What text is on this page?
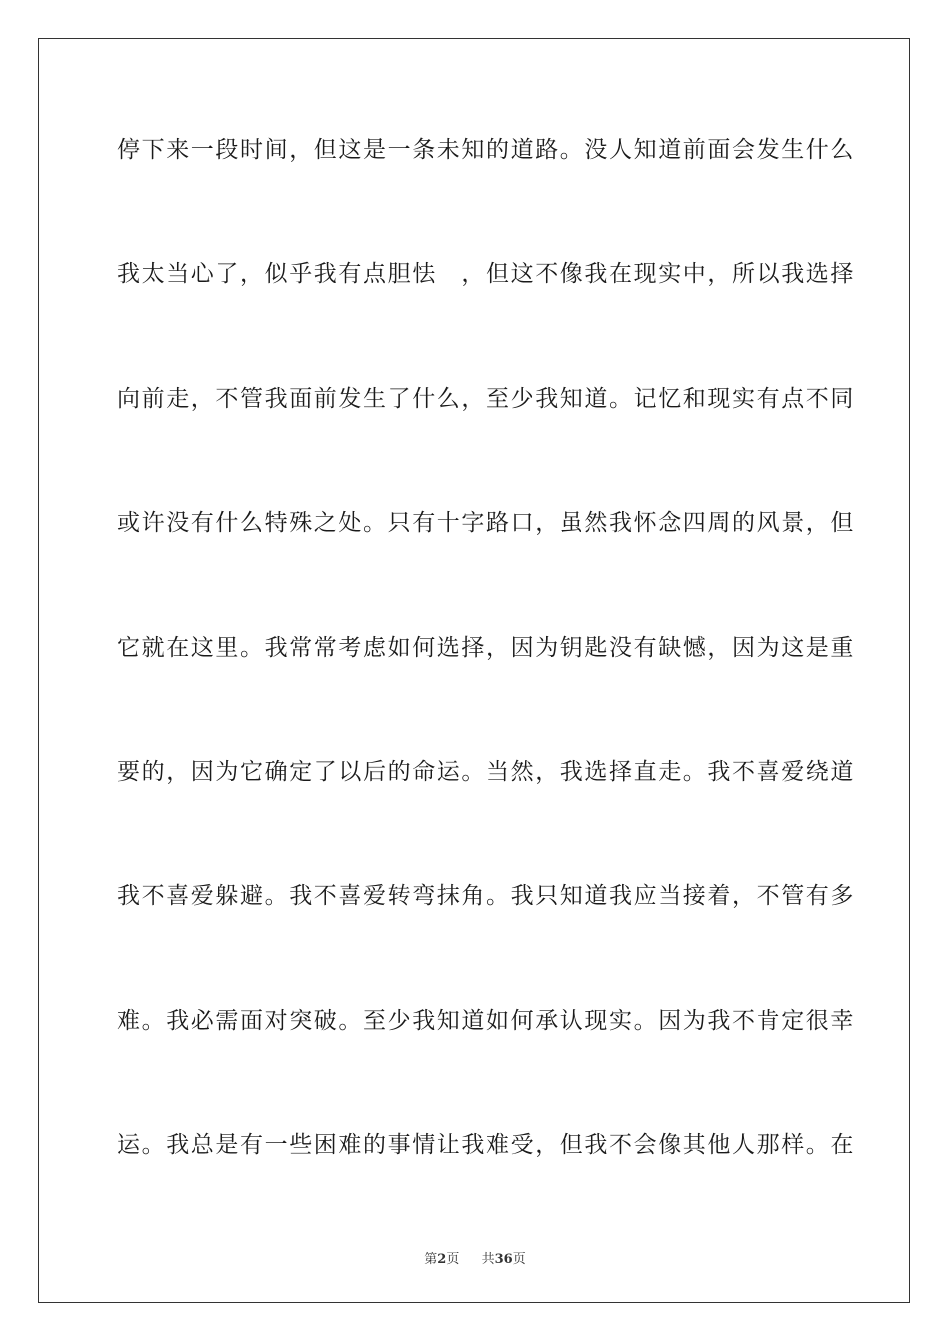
停下来一段时间，但这是一条未知的道路。没人知道前面会发生什么
我太当心了，似乎我有点胆怯　，但这不像我在现实中，所以我选择
向前走，不管我面前发生了什么，至少我知道。记忆和现实有点不同
或许没有什么特殊之处。只有十字路口，虽然我怀念四周的风景，但
它就在这里。我常常考虑如何选择，因为钥匙没有缺憾，因为这是重
要的，因为它确定了以后的命运。当然，我选择直走。我不喜爱绕道
我不喜爱躲避。我不喜爱转弯抹角。我只知道我应当接着，不管有多
难。我必需面对突破。至少我知道如何承认现实。因为我不肯定很幸
运。我总是有一些困难的事情让我难受，但我不会像其他人那样。在
第2页 共36页
